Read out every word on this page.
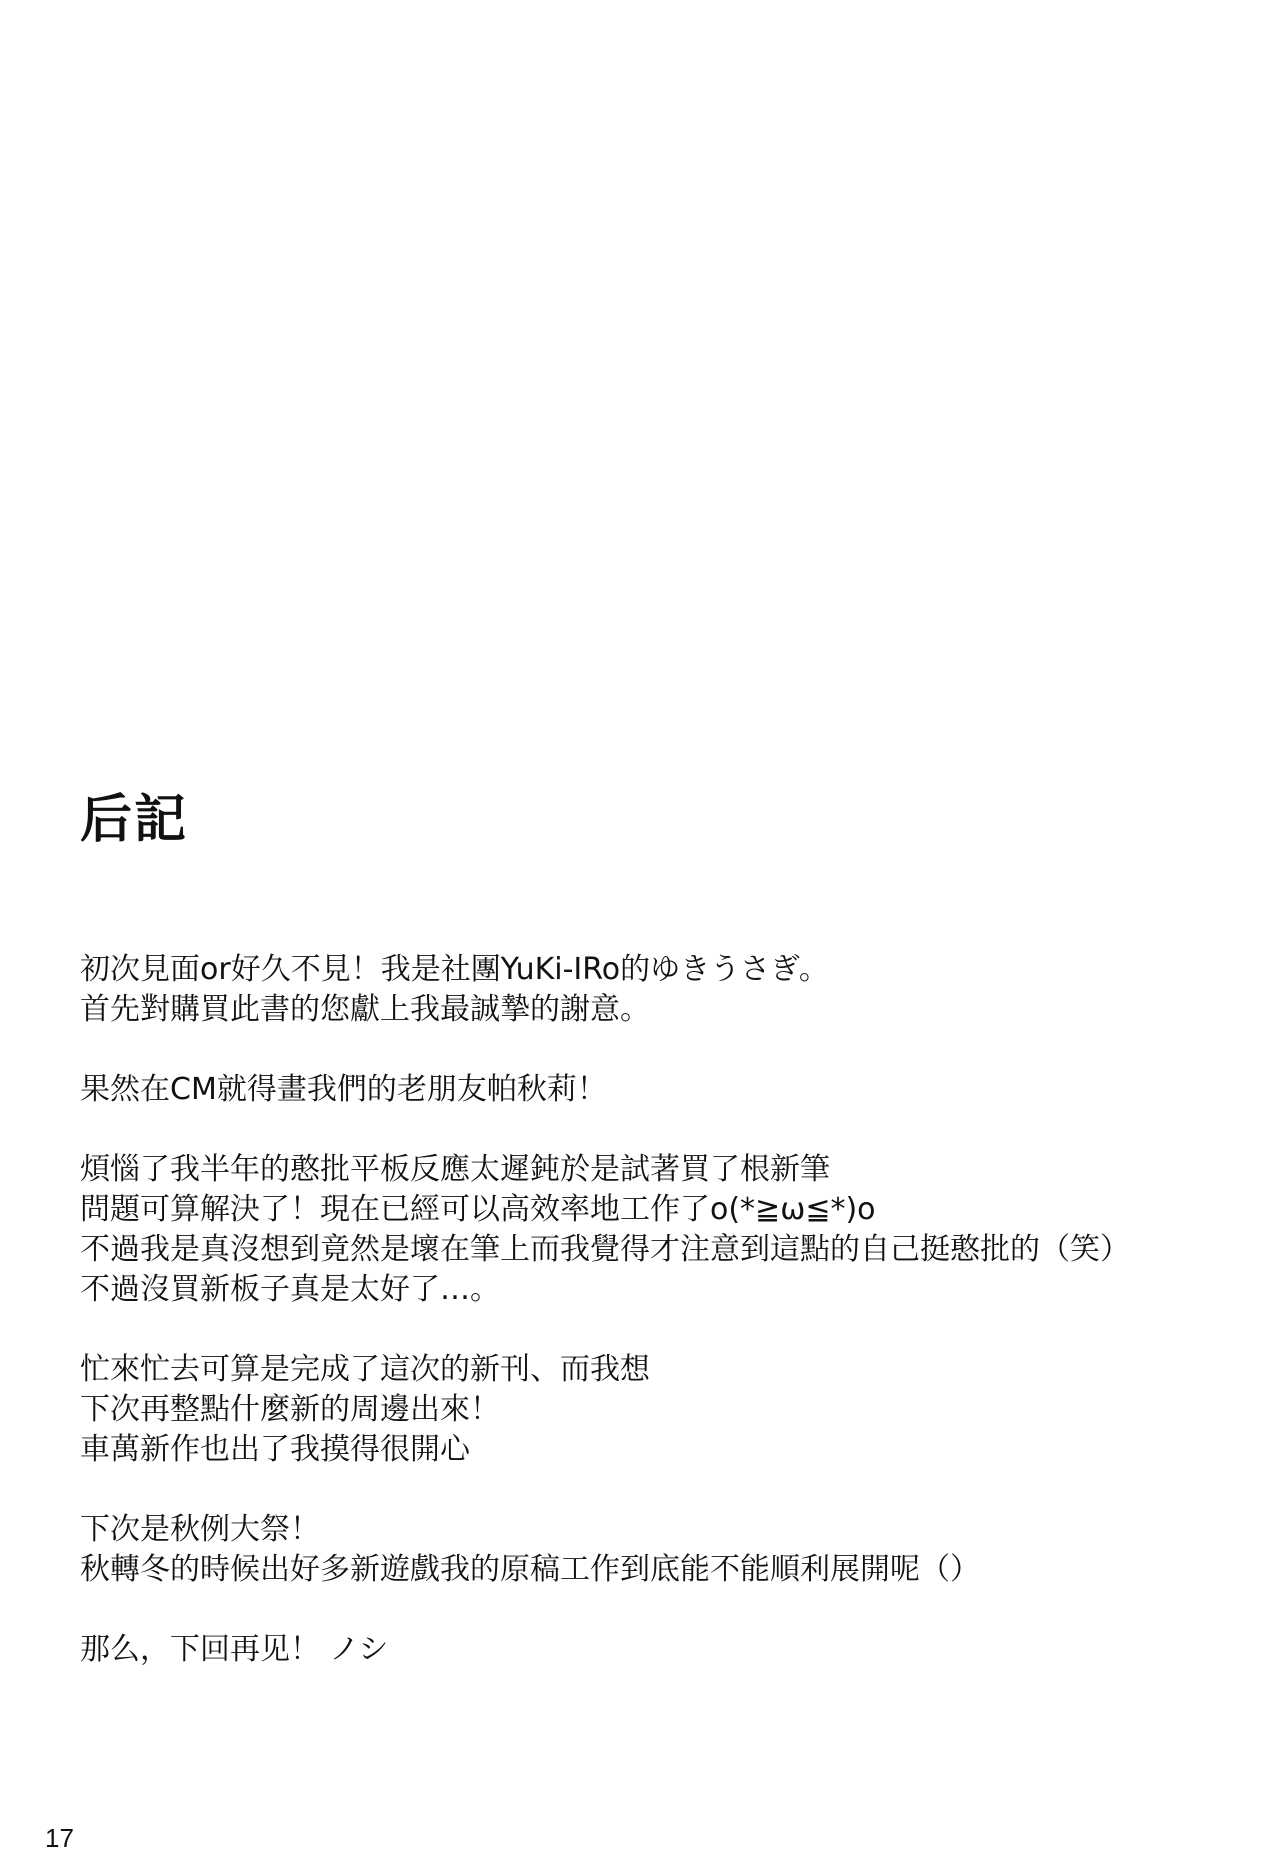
后記
初次見面or好久不見！我是社團YuKi-IRo的ゆきうさぎ。
首先對購買此書的您獻上我最誠摯的謝意。
果然在CM就得畫我們的老朋友帕秋莉！
煩惱了我半年的憨批平板反應太遲鈍於是試著買了根新筆
問題可算解決了！現在已經可以高效率地工作了o(*≧ω≦*)o
不過我是真沒想到竟然是壞在筆上而我覺得才注意到這點的自己挺憨批的（笑）
不過沒買新板子真是太好了…。
忙來忙去可算是完成了這次的新刊、而我想
下次再整點什麼新的周邊出來！
車萬新作也出了我摸得很開心
下次是秋例大祭！
秋轉冬的時候出好多新遊戲我的原稿工作到底能不能順利展開呢（）
那么，下回再见！ ノシ
17
